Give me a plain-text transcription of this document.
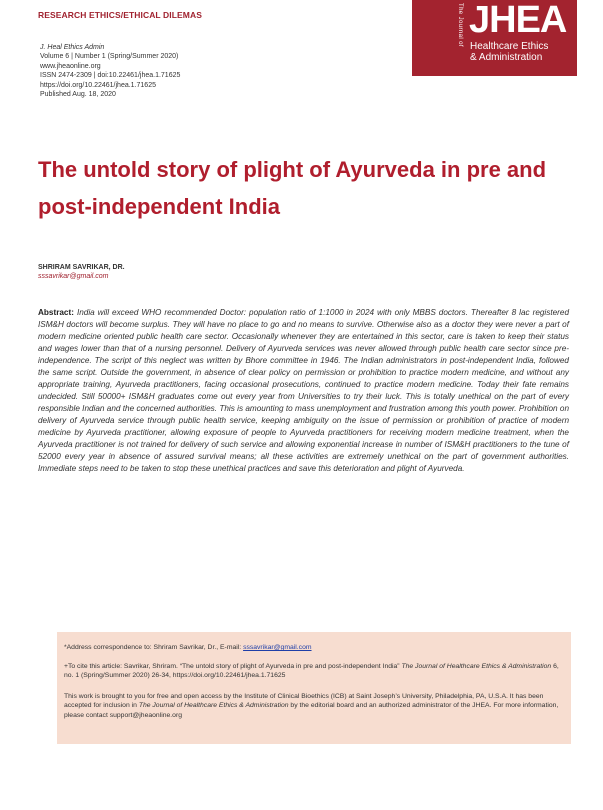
RESEARCH ETHICS/ETHICAL DILEMAS
J. Heal Ethics Admin
Volume 6 | Number 1 (Spring/Summer 2020)
www.jheaonline.org
ISSN 2474-2309 | doi:10.22461/jhea.1.71625
https://doi.org/10.22461/jhea.1.71625
Published Aug. 18, 2020
The Journal of JHEA
Healthcare Ethics
& Administration
The untold story of plight of Ayurveda in pre and post-independent India
SHRIRAM SAVRIKAR, DR.
sssavrikar@gmail.com

Abstract: India will exceed WHO recommended Doctor: population ratio of 1:1000 in 2024 with only MBBS doctors. Thereafter 8 lac registered ISM&H doctors will become surplus. They will have no place to go and no means to survive. Otherwise also as a doctor they were never a part of modern medicine oriented public health care sector. Occasionally whenever they are entertained in this sector, care is taken to keep their status and wages lower than that of a nursing personnel. Delivery of Ayurveda services was never allowed through public health care sector since pre-independence. The script of this neglect was written by Bhore committee in 1946. The Indian administrators in post-independent India, followed the same script. Outside the government, in absence of clear policy on permission or prohibition to practice modern medicine, and without any appropriate training, Ayurveda practitioners, facing occasional prosecutions, continued to practice modern medicine. Today their fate remains undecided. Still 50000+ ISM&H graduates come out every year from Universities to try their luck. This is totally unethical on the part of every responsible Indian and the concerned authorities. This is amounting to mass unemployment and frustration among this youth power. Prohibition on delivery of Ayurveda service through public health service, keeping ambiguity on the issue of permission or prohibition of practice of modern medicine by Ayurveda practitioner, allowing exposure of people to Ayurveda practitioners for receiving modern medicine treatment, when the Ayurveda practitioner is not trained for delivery of such service and allowing exponential increase in number of ISM&H practitioners to the tune of 52000 every year in absence of assured survival means; all these activities are extremely unethical on the part of government authorities. Immediate steps need to be taken to stop these unethical practices and save this deterioration and plight of Ayurveda.

*Address correspondence to: Shriram Savrikar, Dr., E-mail: sssavrikar@gmail.com

+To cite this article: Savrikar, Shriram. “The untold story of plight of Ayurveda in pre and post-independent India” The Journal of Healthcare Ethics & Administration 6, no. 1 (Spring/Summer 2020) 26-34, https://doi.org/10.22461/jhea.1.71625

This work is brought to you for free and open access by the Institute of Clinical Bioethics (ICB) at Saint Joseph’s University, Philadelphia, PA, U.S.A. It has been accepted for inclusion in The Journal of Healthcare Ethics & Administration by the editorial board and an authorized administrator of the JHEA. For more information, please contact support@jheaonline.org
